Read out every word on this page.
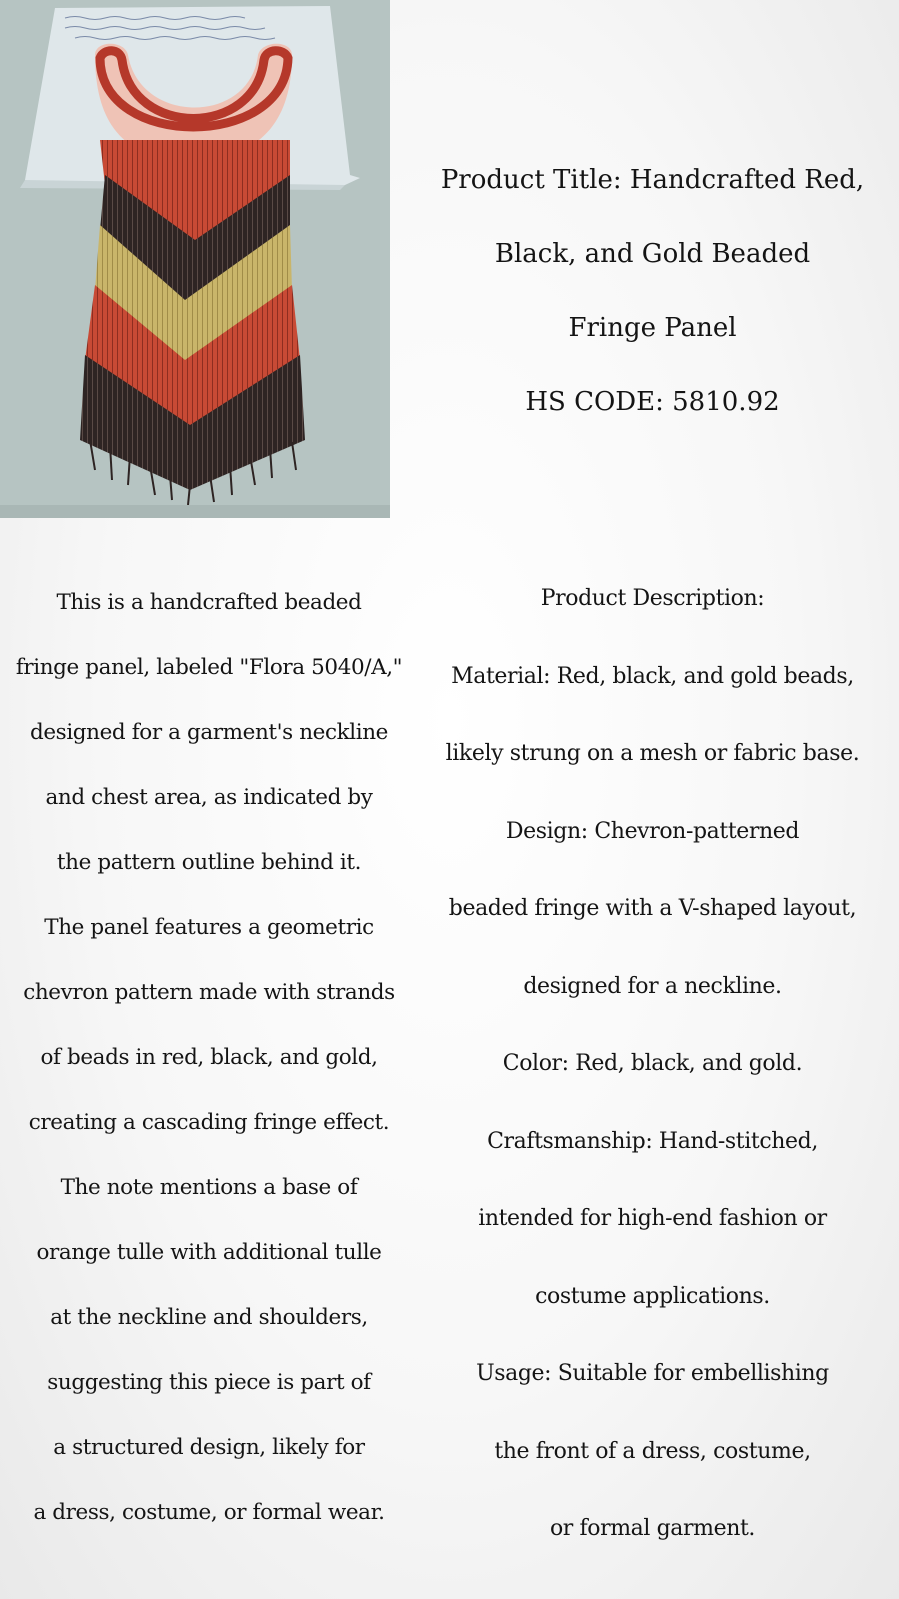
Product Title: Handcrafted Red,
Black, and Gold Beaded
Fringe Panel
HS CODE: 5810.92
This is a handcrafted beaded
fringe panel, labeled "Flora 5040/A,"
designed for a garment's neckline
and chest area, as indicated by
the pattern outline behind it.
The panel features a geometric
chevron pattern made with strands
of beads in red, black, and gold,
creating a cascading fringe effect.
The note mentions a base of
orange tulle with additional tulle
at the neckline and shoulders,
suggesting this piece is part of
a structured design, likely for
a dress, costume, or formal wear.
Product Description:
Material: Red, black, and gold beads,
likely strung on a mesh or fabric base.
Design: Chevron-patterned
beaded fringe with a V-shaped layout,
designed for a neckline.
Color: Red, black, and gold.
Craftsmanship: Hand-stitched,
intended for high-end fashion or
costume applications.
Usage: Suitable for embellishing
the front of a dress, costume,
or formal garment.
